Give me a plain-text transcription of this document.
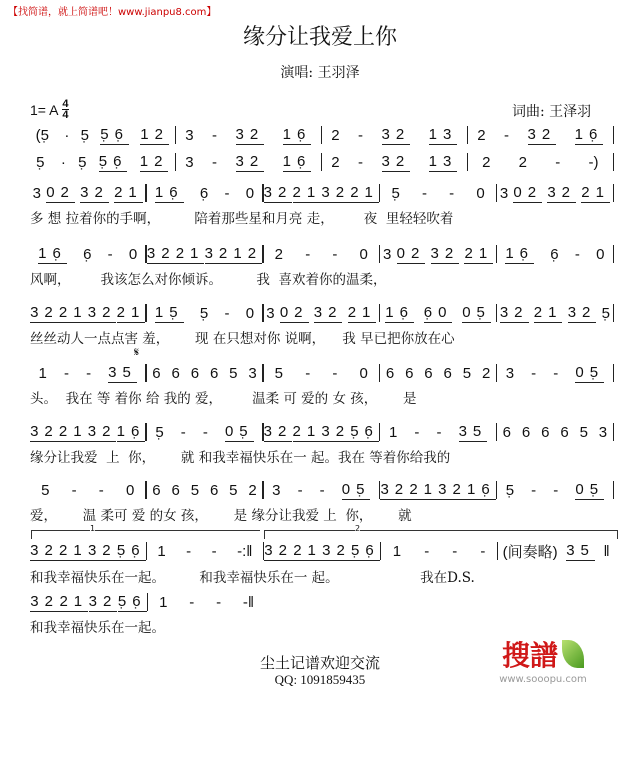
【找简谱，就上简谱吧！www.jianpu8.com】
缘分让我爱上你
演唱: 王羽泽
1= A $\frac{4}{4}$	词曲: 王泽羽
𝄋
1	2
(5̣ · 5̣ 5̣6̣ 12 3 - 32 16̣ 2 - 32 13 2 - 32 16̣
5̣ · 5̣ 5̣6̣ 12 3 - 32 16̣ 2 - 32 13 2 2 - -)
3 02 32 21 16̣ 6̣ - 0 32 21 32 21 5̣ - - 0 3 02 32 21
多 想 拉着你的手啊，        陪着那些星和月亮 走，       夜  里轻轻吹着
16̣ 6̣ - 0 32 21 32 12 2 - - 0 3 02 32 21 16̣ 6̣ - 0
风啊，       我该怎么对你倾诉。        我  喜欢着你的温柔，
32 21 32 21 15̣ 5̣ - 0 3 02 32 21 16̣ 6̣0 05̣ 32 21 32 5̣
丝丝动人一点点害 羞，      现 在只想对你 说啊，    我 早已把你放在心
1 - - 35 6 6 6 6 5 3 5 - - 0 6 6 6 6 5 2 3 - - 05̣
头。  我在 等 着你 给 我的 爱，       温柔 可 爱的 女 孩，      是
32 21 32 16̣ 5̣ - - 05̣ 32 21 32 5̣6̣ 1 - - 35 6 6 6 6 5 3
缘分让我爱  上  你，      就 和我幸福快乐在一 起。我在 等着你给我的
5 - - 0 6 6 5 6 5 2 3 - - 05̣ 32 21 32 16̣ 5̣ - - 05̣
爱，      温 柔可 爱 的女 孩，      是 缘分让我爱 上  你，      就
32 21 32 5̣6̣ 1 - - -:‖ 32 21 32 5̣6̣ 1 - - - (间奏略) 35 ‖
和我幸福快乐在一起。        和我幸福快乐在一 起。                   我在D.S.
32 21 32 5̣6̣ 1 - - -‖
和我幸福快乐在一起。
尘土记谱欢迎交流
QQ: 1091859435
搜譜
www.sooopu.com
